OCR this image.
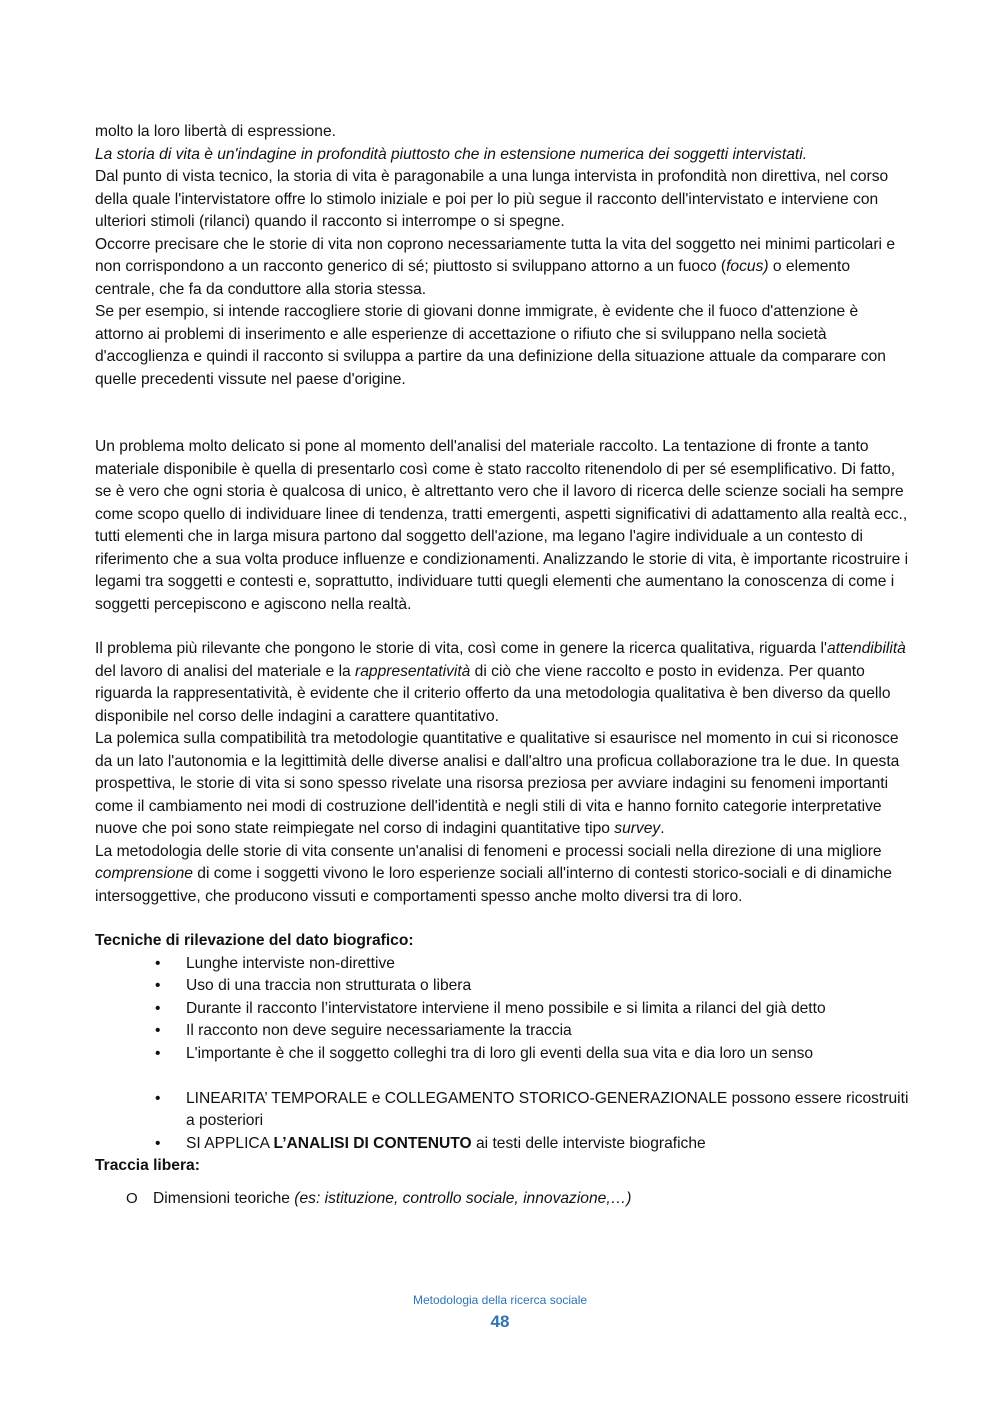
molto la loro libertà di espressione.

La storia di vita è un'indagine in profondità piuttosto che in estensione numerica dei soggetti intervistati.

Dal punto di vista tecnico, la storia di vita è paragonabile a una lunga intervista in profondità non direttiva, nel corso della quale l'intervistatore offre lo stimolo iniziale e poi per lo più segue il racconto dell'intervistato e interviene con ulteriori stimoli (rilanci) quando il racconto si interrompe o si spegne.

Occorre precisare che le storie di vita non coprono necessariamente tutta la vita del soggetto nei minimi particolari e non corrispondono a un racconto generico di sé; piuttosto si sviluppano attorno a un fuoco (focus) o elemento centrale, che fa da conduttore alla storia stessa.

Se per esempio, si intende raccogliere storie di giovani donne immigrate, è evidente che il fuoco d'attenzione è attorno ai problemi di inserimento e alle esperienze di accettazione o rifiuto che si sviluppano nella società d'accoglienza e quindi il racconto si sviluppa a partire da una definizione della situazione attuale da comparare con quelle precedenti vissute nel paese d'origine.

Un problema molto delicato si pone al momento dell'analisi del materiale raccolto. La tentazione di fronte a tanto materiale disponibile è quella di presentarlo così come è stato raccolto ritenendolo di per sé esemplificativo. Di fatto, se è vero che ogni storia è qualcosa di unico, è altrettanto vero che il lavoro di ricerca delle scienze sociali ha sempre come scopo quello di individuare linee di tendenza, tratti emergenti, aspetti significativi di adattamento alla realtà ecc., tutti elementi che in larga misura partono dal soggetto dell'azione, ma legano l'agire individuale a un contesto di riferimento che a sua volta produce influenze e condizionamenti. Analizzando le storie di vita, è importante ricostruire i legami tra soggetti e contesti e, soprattutto, individuare tutti quegli elementi che aumentano la conoscenza di come i soggetti percepiscono e agiscono nella realtà.

Il problema più rilevante che pongono le storie di vita, così come in genere la ricerca qualitativa, riguarda l'attendibilità del lavoro di analisi del materiale e la rappresentatività di ciò che viene raccolto e posto in evidenza. Per quanto riguarda la rappresentatività, è evidente che il criterio offerto da una metodologia qualitativa è ben diverso da quello disponibile nel corso delle indagini a carattere quantitativo.

La polemica sulla compatibilità tra metodologie quantitative e qualitative si esaurisce nel momento in cui si riconosce da un lato l'autonomia e la legittimità delle diverse analisi e dall'altro una proficua collaborazione tra le due. In questa prospettiva, le storie di vita si sono spesso rivelate una risorsa preziosa per avviare indagini su fenomeni importanti come il cambiamento nei modi di costruzione dell'identità e negli stili di vita e hanno fornito categorie interpretative nuove che poi sono state reimpiegate nel corso di indagini quantitative tipo survey.

La metodologia delle storie di vita consente un'analisi di fenomeni e processi sociali nella direzione di una migliore comprensione di come i soggetti vivono le loro esperienze sociali all'interno di contesti storico-sociali e di dinamiche intersoggettive, che producono vissuti e comportamenti spesso anche molto diversi tra di loro.

Tecniche di rilevazione del dato biografico:

• Lunghe interviste non-direttive
• Uso di una traccia non strutturata o libera
• Durante il racconto l’intervistatore interviene il meno possibile e si limita a rilanci del già detto
• Il racconto non deve seguire necessariamente la traccia
• L'importante è che il soggetto colleghi tra di loro gli eventi della sua vita e dia loro un senso

• LINEARITA’ TEMPORALE e COLLEGAMENTO STORICO-GENERAZIONALE possono essere ricostruiti a posteriori
• SI APPLICA L’ANALISI DI CONTENUTO ai testi delle interviste biografiche

Traccia libera:

O Dimensioni teoriche (es: istituzione, controllo sociale, innovazione,…)
Metodologia della ricerca sociale
48
